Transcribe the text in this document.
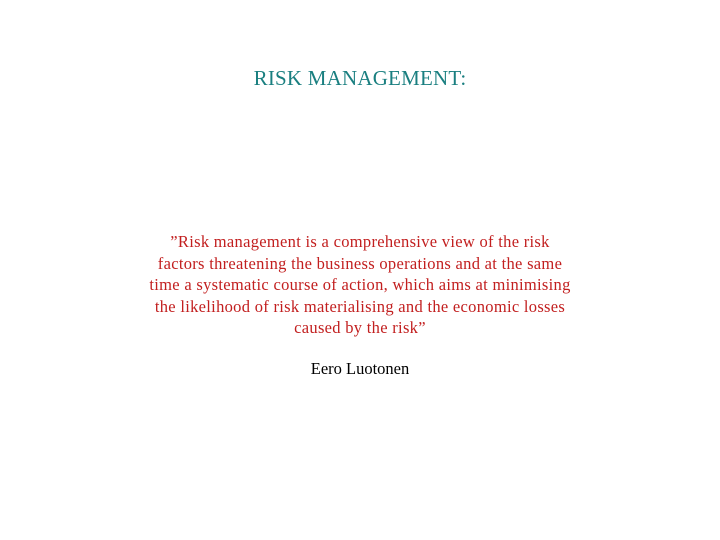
RISK MANAGEMENT:
”Risk management is a comprehensive view of the risk
factors threatening the business operations and at the same
time a systematic course of action, which aims at minimising
the likelihood of risk materialising and the economic losses
caused by the risk”
Eero Luotonen
